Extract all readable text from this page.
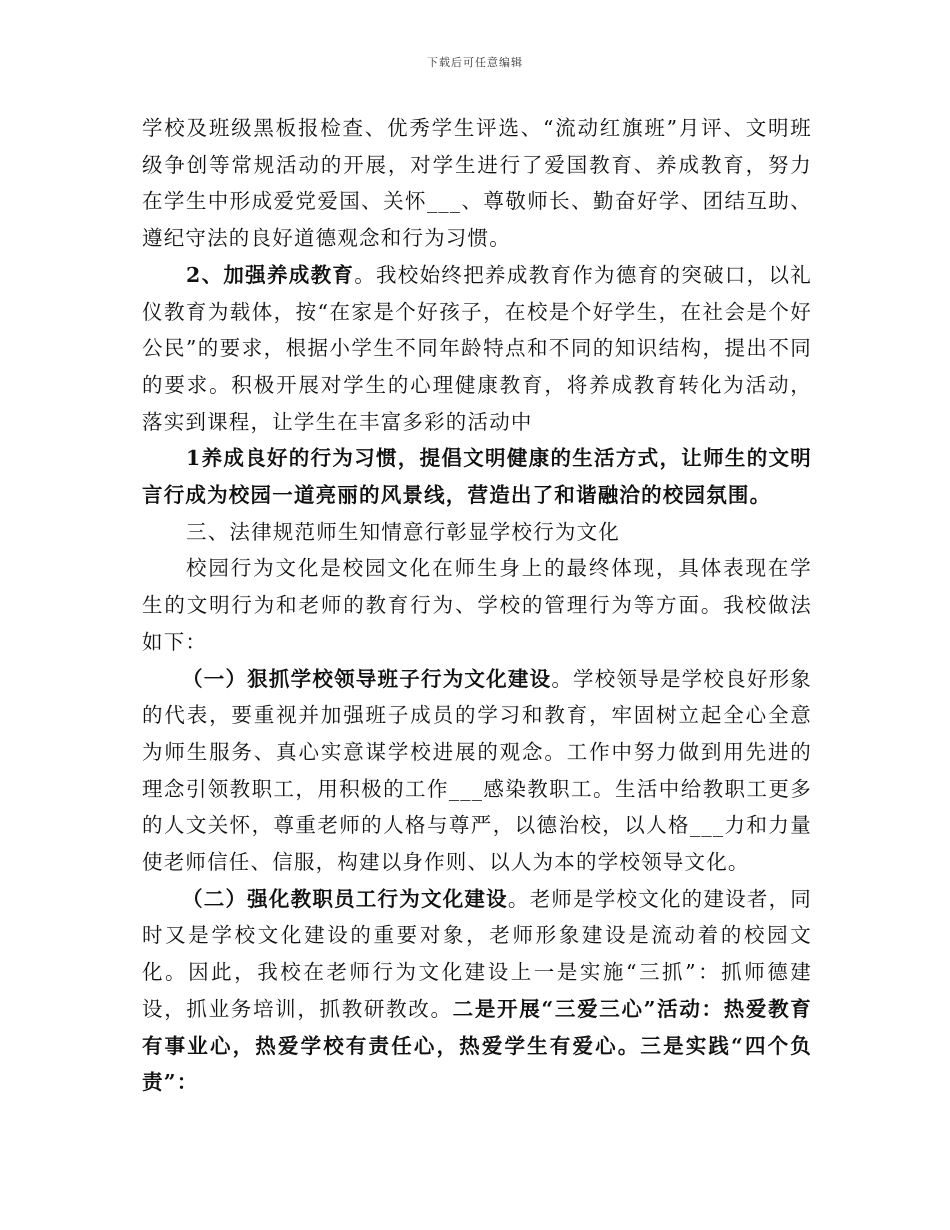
下载后可任意编辑

学校及班级黑板报检查、优秀学生评选、“流动红旗班”月评、文明班级争创等常规活动的开展，对学生进行了爱国教育、养成教育，努力在学生中形成爱党爱国、关怀___、尊敬师长、勤奋好学、团结互助、遵纪守法的良好道德观念和行为习惯。

2、加强养成教育。我校始终把养成教育作为德育的突破口，以礼仪教育为载体，按“在家是个好孩子，在校是个好学生，在社会是个好公民”的要求，根据小学生不同年龄特点和不同的知识结构，提出不同的要求。积极开展对学生的心理健康教育，将养成教育转化为活动，落实到课程，让学生在丰富多彩的活动中

1养成良好的行为习惯，提倡文明健康的生活方式，让师生的文明言行成为校园一道亮丽的风景线，营造出了和谐融洽的校园氛围。

三、法律规范师生知情意行彰显学校行为文化

校园行为文化是校园文化在师生身上的最终体现，具体表现在学生的文明行为和老师的教育行为、学校的管理行为等方面。我校做法如下：

（一）狠抓学校领导班子行为文化建设。学校领导是学校良好形象的代表，要重视并加强班子成员的学习和教育，牢固树立起全心全意为师生服务、真心实意谋学校进展的观念。工作中努力做到用先进的理念引领教职工，用积极的工作___感染教职工。生活中给教职工更多的人文关怀，尊重老师的人格与尊严，以德治校，以人格___力和力量使老师信任、信服，构建以身作则、以人为本的学校领导文化。

（二）强化教职员工行为文化建设。老师是学校文化的建设者，同时又是学校文化建设的重要对象，老师形象建设是流动着的校园文化。因此，我校在老师行为文化建设上一是实施“三抓”：抓师德建设，抓业务培训，抓教研教改。二是开展“三爱三心”活动：热爱教育有事业心，热爱学校有责任心，热爱学生有爱心。三是实践“四个负责”：
